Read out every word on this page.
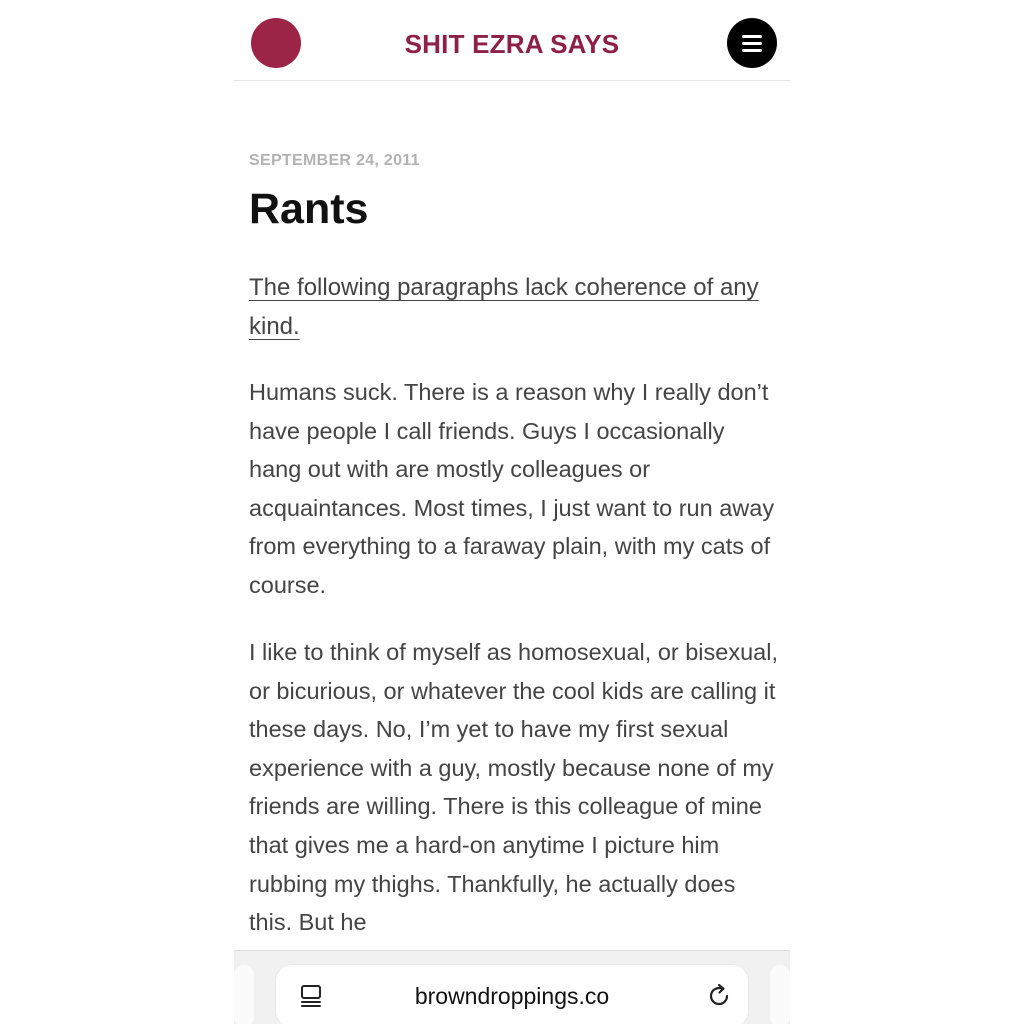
SHIT EZRA SAYS
SEPTEMBER 24, 2011
Rants
The following paragraphs lack coherence of any kind.

Humans suck. There is a reason why I really don’t have people I call friends. Guys I occasionally hang out with are mostly colleagues or acquaintances. Most times, I just want to run away from everything to a faraway plain, with my cats of course.

I like to think of myself as homosexual, or bisexual, or bicurious, or whatever the cool kids are calling it these days. No, I’m yet to have my first sexual experience with a guy, mostly because none of my friends are willing. There is this colleague of mine that gives me a hard-on anytime I picture him rubbing my thighs. Thankfully, he actually does this. But he

browndroppings.co
